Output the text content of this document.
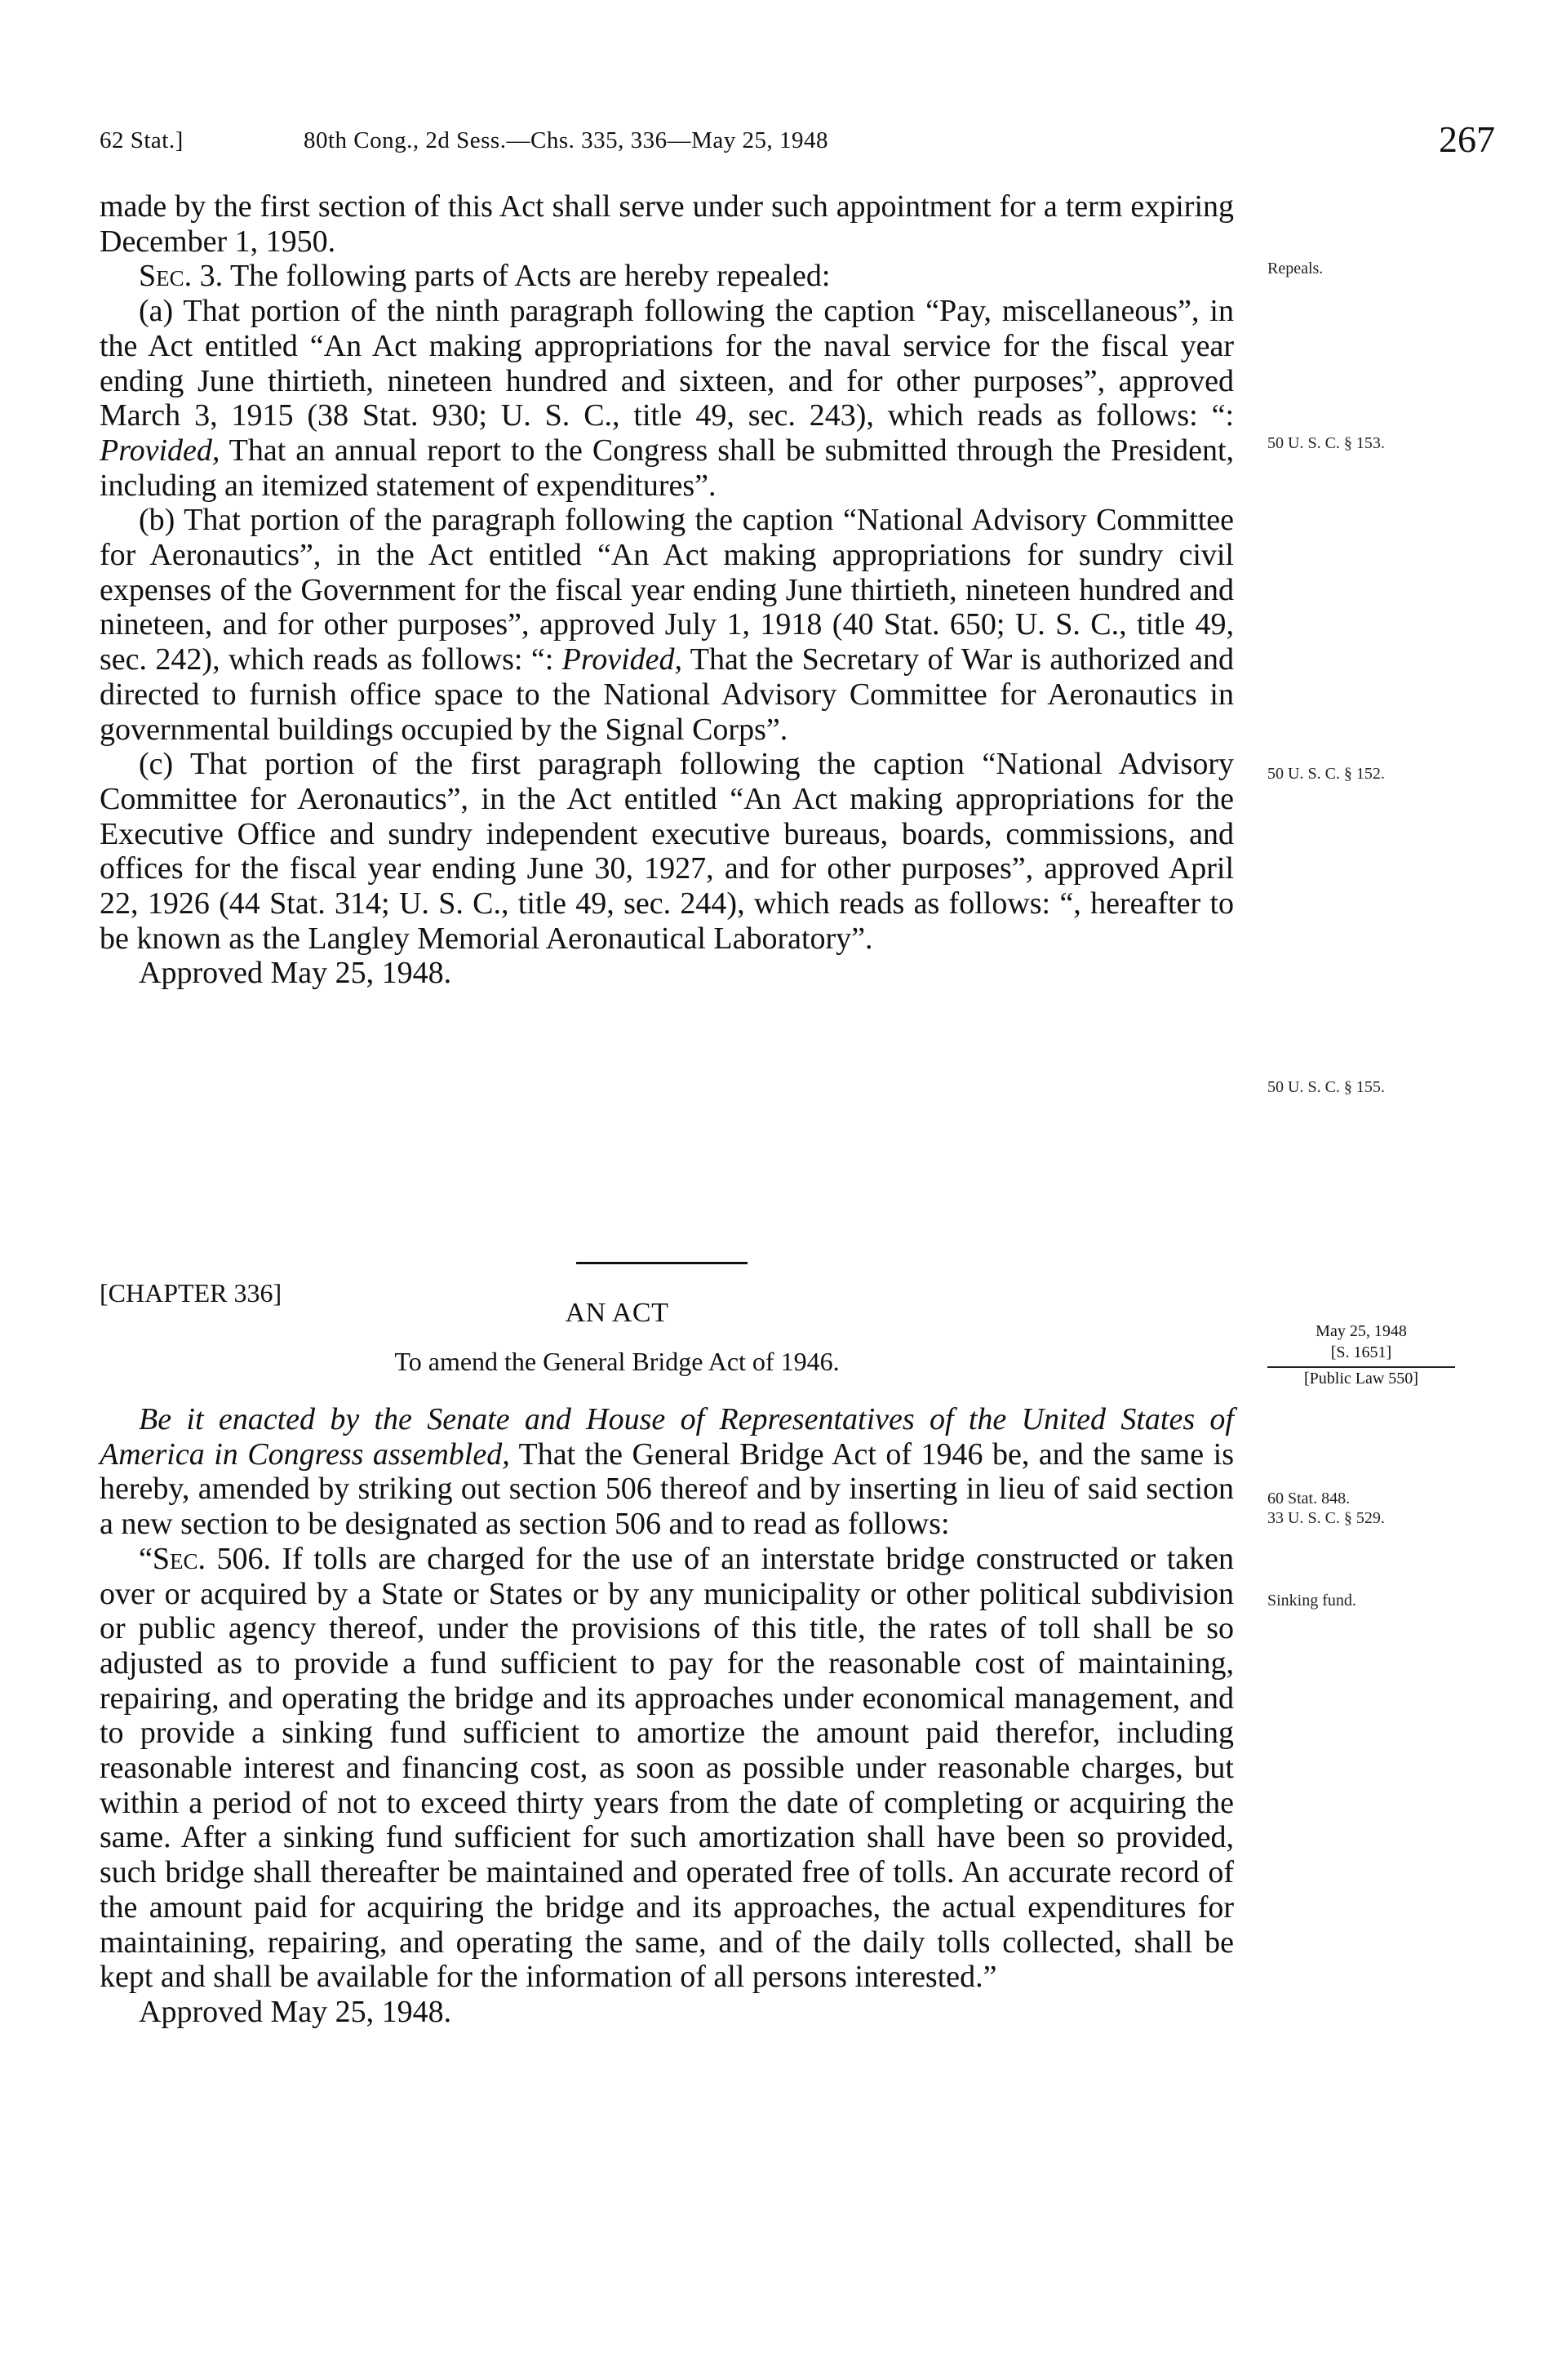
62 Stat.]	80th Cong., 2d Sess.—Chs. 335, 336—May 25, 1948	267

made by the first section of this Act shall serve under such appointment for a term expiring December 1, 1950.

Sec. 3. The following parts of Acts are hereby repealed:

(a) That portion of the ninth paragraph following the caption “Pay, miscellaneous”, in the Act entitled “An Act making appropriations for the naval service for the fiscal year ending June thirtieth, nineteen hundred and sixteen, and for other purposes”, approved March 3, 1915 (38 Stat. 930; U. S. C., title 49, sec. 243), which reads as follows: “: Provided, That an annual report to the Congress shall be submitted through the President, including an itemized statement of expenditures”.

(b) That portion of the paragraph following the caption “National Advisory Committee for Aeronautics”, in the Act entitled “An Act making appropriations for sundry civil expenses of the Government for the fiscal year ending June thirtieth, nineteen hundred and nineteen, and for other purposes”, approved July 1, 1918 (40 Stat. 650; U. S. C., title 49, sec. 242), which reads as follows: “: Provided, That the Secretary of War is authorized and directed to furnish office space to the National Advisory Committee for Aeronautics in governmental buildings occupied by the Signal Corps”.

(c) That portion of the first paragraph following the caption “National Advisory Committee for Aeronautics”, in the Act entitled “An Act making appropriations for the Executive Office and sundry independent executive bureaus, boards, commissions, and offices for the fiscal year ending June 30, 1927, and for other purposes”, approved April 22, 1926 (44 Stat. 314; U. S. C., title 49, sec. 244), which reads as follows: “, hereafter to be known as the Langley Memorial Aeronautical Laboratory”.

Approved May 25, 1948.

Repeals.
50 U. S. C. § 153.
50 U. S. C. § 152.
50 U. S. C. § 155.
[CHAPTER 336]
AN ACT
To amend the General Bridge Act of 1946.
May 25, 1948
[S. 1651]
[Public Law 550]

Be it enacted by the Senate and House of Representatives of the United States of America in Congress assembled, That the General Bridge Act of 1946 be, and the same is hereby, amended by striking out section 506 thereof and by inserting in lieu of said section a new section to be designated as section 506 and to read as follows:

“Sec. 506. If tolls are charged for the use of an interstate bridge constructed or taken over or acquired by a State or States or by any municipality or other political subdivision or public agency thereof, under the provisions of this title, the rates of toll shall be so adjusted as to provide a fund sufficient to pay for the reasonable cost of maintaining, repairing, and operating the bridge and its approaches under economical management, and to provide a sinking fund sufficient to amortize the amount paid therefor, including reasonable interest and financing cost, as soon as possible under reasonable charges, but within a period of not to exceed thirty years from the date of completing or acquiring the same. After a sinking fund sufficient for such amortization shall have been so provided, such bridge shall thereafter be maintained and operated free of tolls. An accurate record of the amount paid for acquiring the bridge and its approaches, the actual expenditures for maintaining, repairing, and operating the same, and of the daily tolls collected, shall be kept and shall be available for the information of all persons interested.”

Approved May 25, 1948.

60 Stat. 848.
33 U. S. C. § 529.
Sinking fund.
